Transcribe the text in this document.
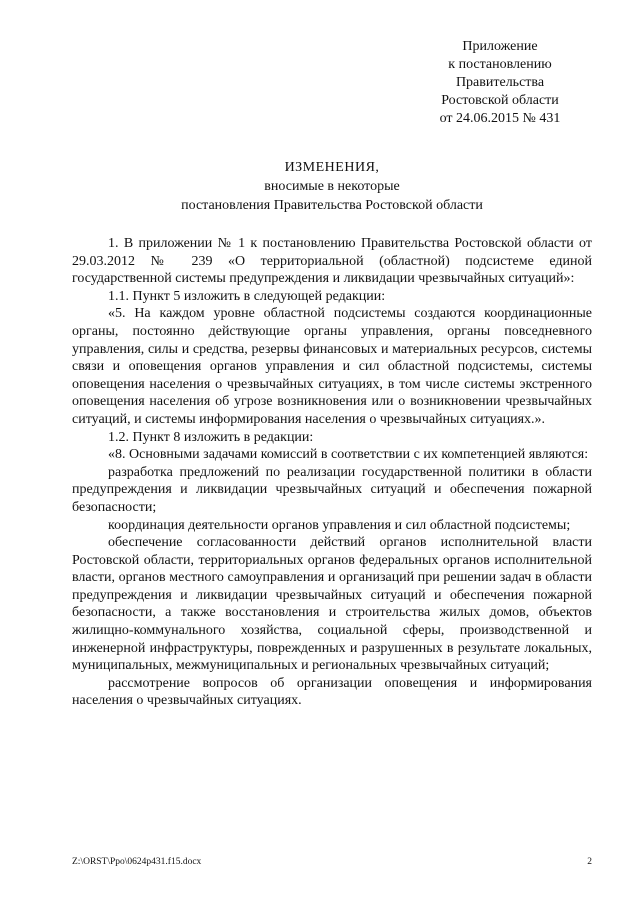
Приложение
к постановлению
Правительства
Ростовской области
от 24.06.2015 № 431
ИЗМЕНЕНИЯ,
вносимые в некоторые
постановления Правительства Ростовской области

1. В приложении № 1 к постановлению Правительства Ростовской области от 29.03.2012 № 239 «О территориальной (областной) подсистеме единой государственной системы предупреждения и ликвидации чрезвычайных ситуаций»:

1.1. Пункт 5 изложить в следующей редакции:

«5. На каждом уровне областной подсистемы создаются координационные органы, постоянно действующие органы управления, органы повседневного управления, силы и средства, резервы финансовых и материальных ресурсов, системы связи и оповещения органов управления и сил областной подсистемы, системы оповещения населения о чрезвычайных ситуациях, в том числе системы экстренного оповещения населения об угрозе возникновения или о возникновении чрезвычайных ситуаций, и системы информирования населения о чрезвычайных ситуациях.».

1.2. Пункт 8 изложить в редакции:

«8. Основными задачами комиссий в соответствии с их компетенцией являются:

разработка предложений по реализации государственной политики в области предупреждения и ликвидации чрезвычайных ситуаций и обеспечения пожарной безопасности;

координация деятельности органов управления и сил областной подсистемы;

обеспечение согласованности действий органов исполнительной власти Ростовской области, территориальных органов федеральных органов исполнительной власти, органов местного самоуправления и организаций при решении задач в области предупреждения и ликвидации чрезвычайных ситуаций и обеспечения пожарной безопасности, а также восстановления и строительства жилых домов, объектов жилищно-коммунального хозяйства, социальной сферы, производственной и инженерной инфраструктуры, поврежденных и разрушенных в результате локальных, муниципальных, межмуниципальных и региональных чрезвычайных ситуаций;

рассмотрение вопросов об организации оповещения и информирования населения о чрезвычайных ситуациях.

Z:\ORST\Ppo\0624p431.f15.docx	2
